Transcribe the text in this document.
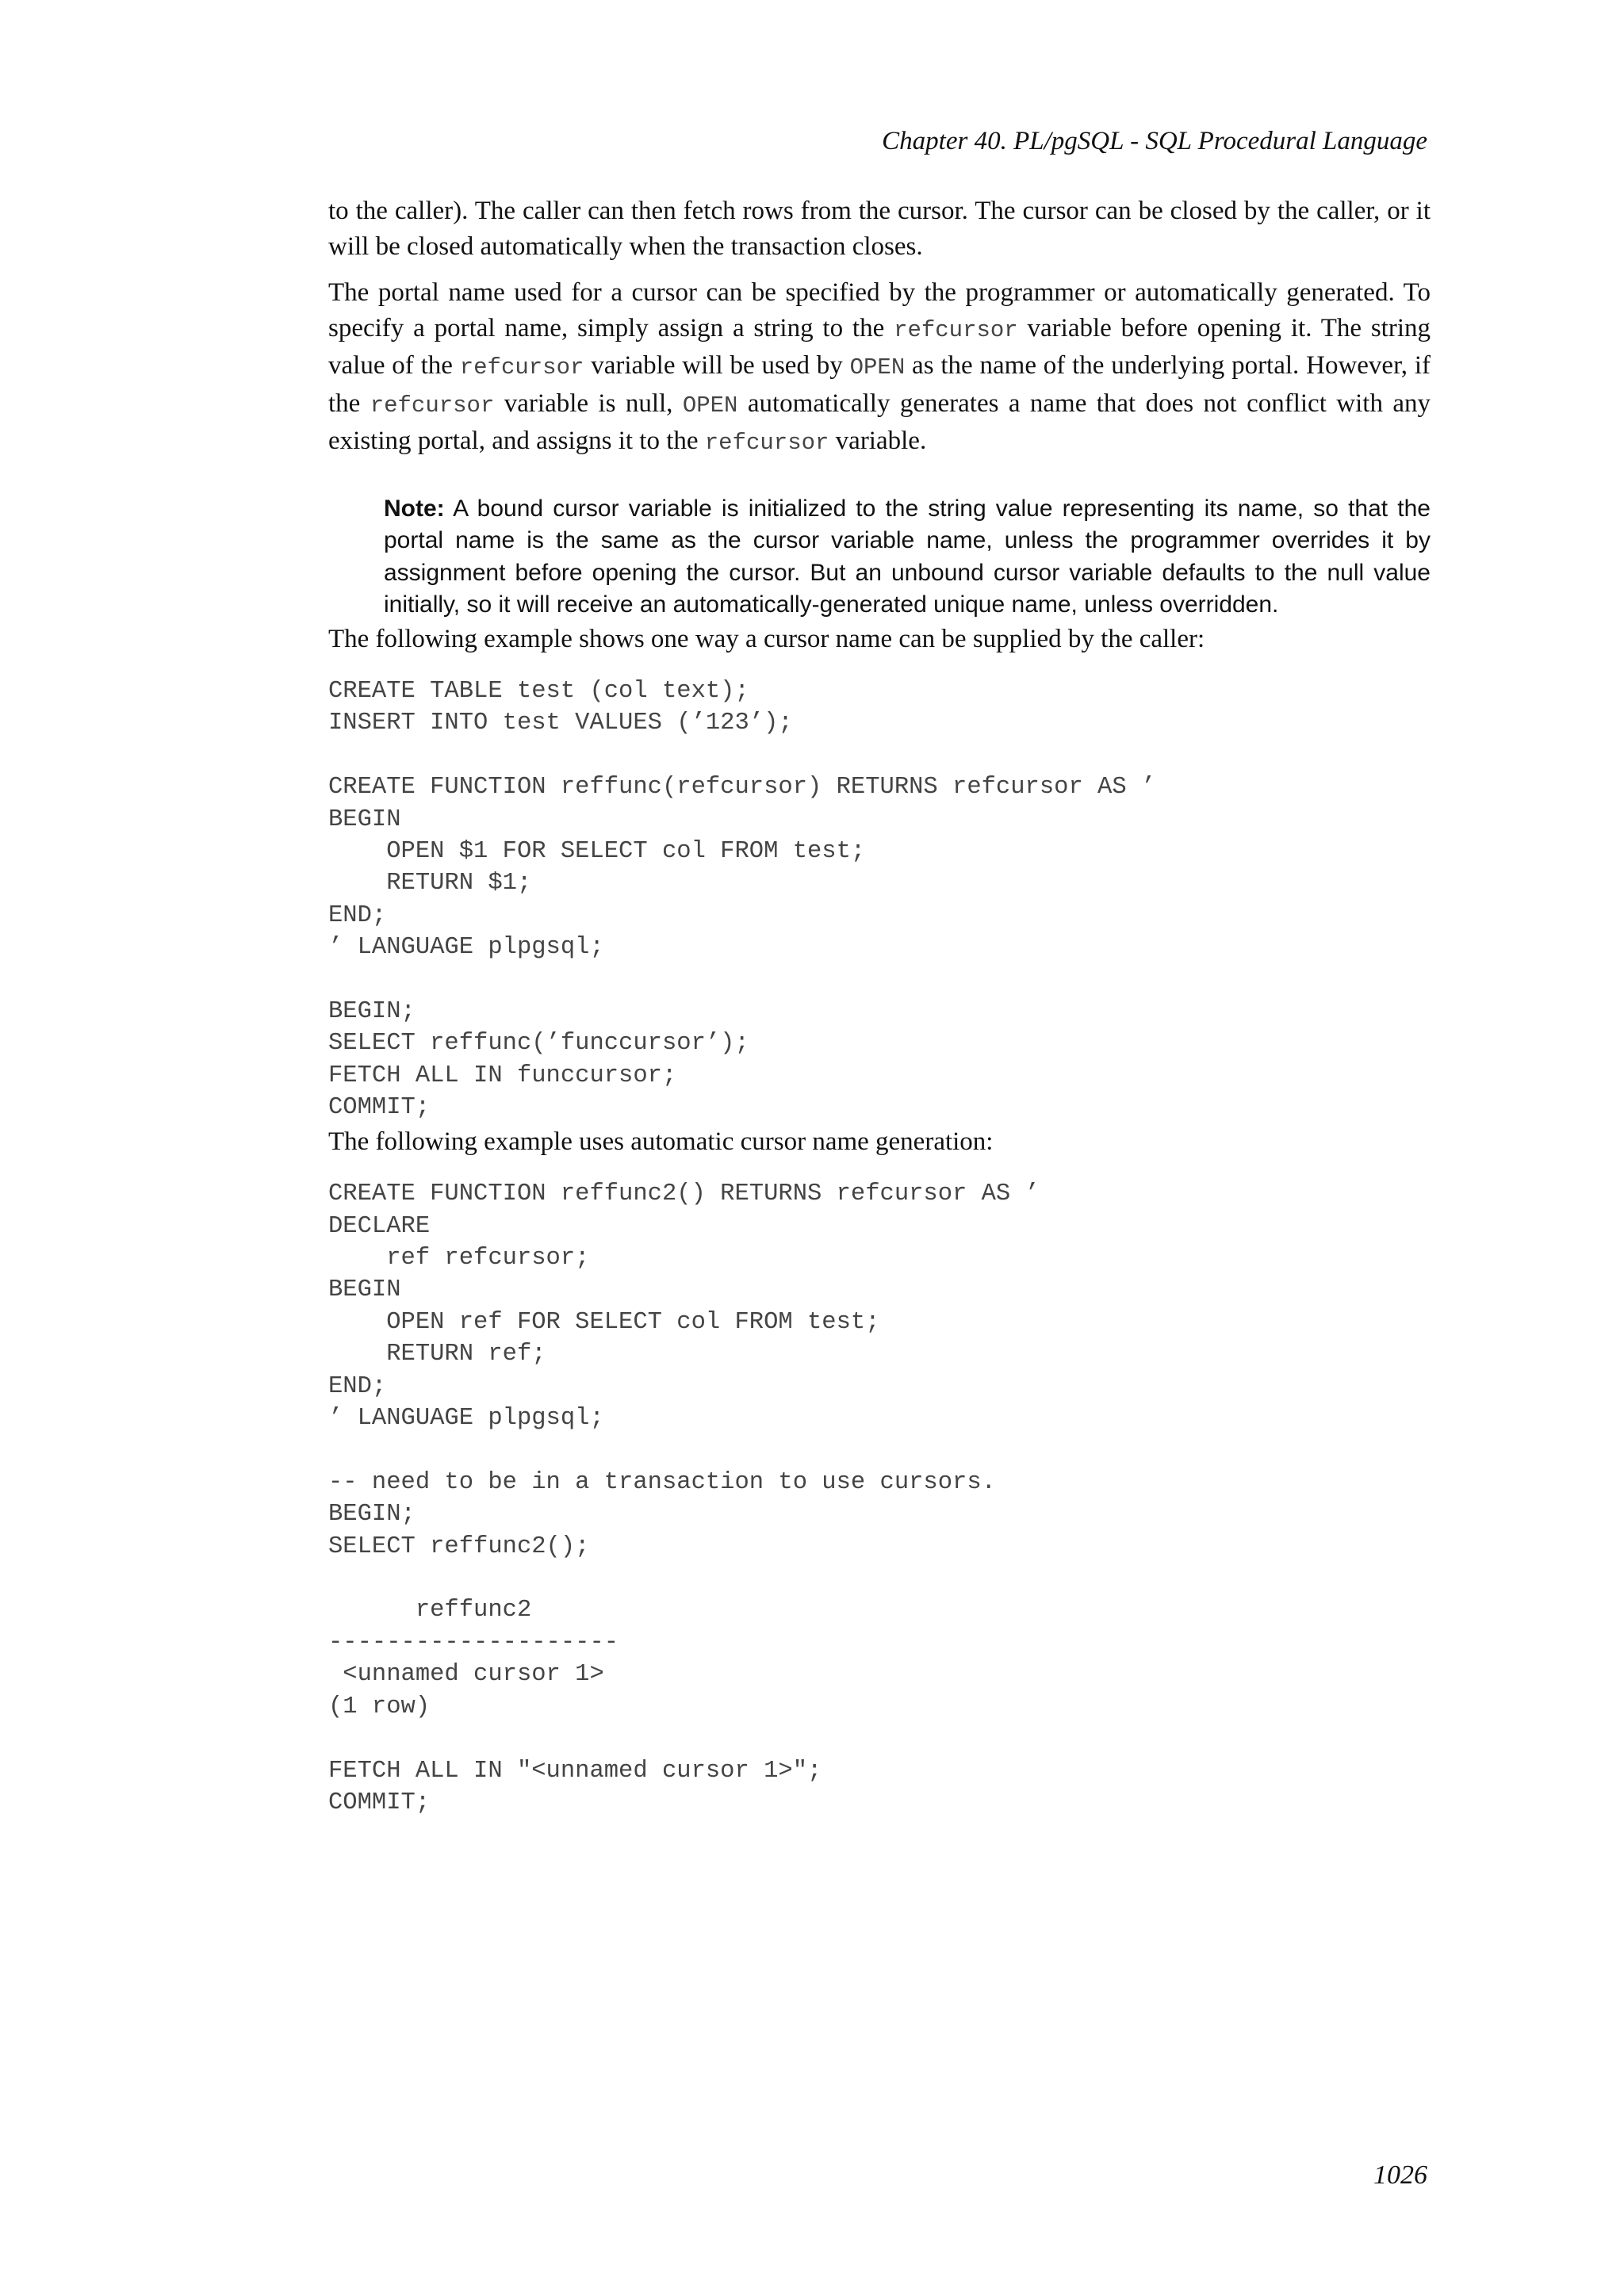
Chapter 40. PL/pgSQL - SQL Procedural Language

to the caller). The caller can then fetch rows from the cursor. The cursor can be closed by the caller, or it will be closed automatically when the transaction closes.

The portal name used for a cursor can be specified by the programmer or automatically generated. To specify a portal name, simply assign a string to the refcursor variable before opening it. The string value of the refcursor variable will be used by OPEN as the name of the underlying portal. However, if the refcursor variable is null, OPEN automatically generates a name that does not conflict with any existing portal, and assigns it to the refcursor variable.

Note: A bound cursor variable is initialized to the string value representing its name, so that the portal name is the same as the cursor variable name, unless the programmer overrides it by assignment before opening the cursor. But an unbound cursor variable defaults to the null value initially, so it will receive an automatically-generated unique name, unless overridden.

The following example shows one way a cursor name can be supplied by the caller:

CREATE TABLE test (col text);
INSERT INTO test VALUES (’123’);

CREATE FUNCTION reffunc(refcursor) RETURNS refcursor AS ’
BEGIN
OPEN $1 FOR SELECT col FROM test;
RETURN $1;
END;
’ LANGUAGE plpgsql;

BEGIN;
SELECT reffunc(’funccursor’);
FETCH ALL IN funccursor;
COMMIT;

The following example uses automatic cursor name generation:

CREATE FUNCTION reffunc2() RETURNS refcursor AS ’
DECLARE
ref refcursor;
BEGIN
OPEN ref FOR SELECT col FROM test;
RETURN ref;
END;
’ LANGUAGE plpgsql;

-- need to be in a transaction to use cursors.
BEGIN;
SELECT reffunc2();

reffunc2
--------------------
<unnamed cursor 1>
(1 row)

FETCH ALL IN "<unnamed cursor 1>";
COMMIT;
1026
